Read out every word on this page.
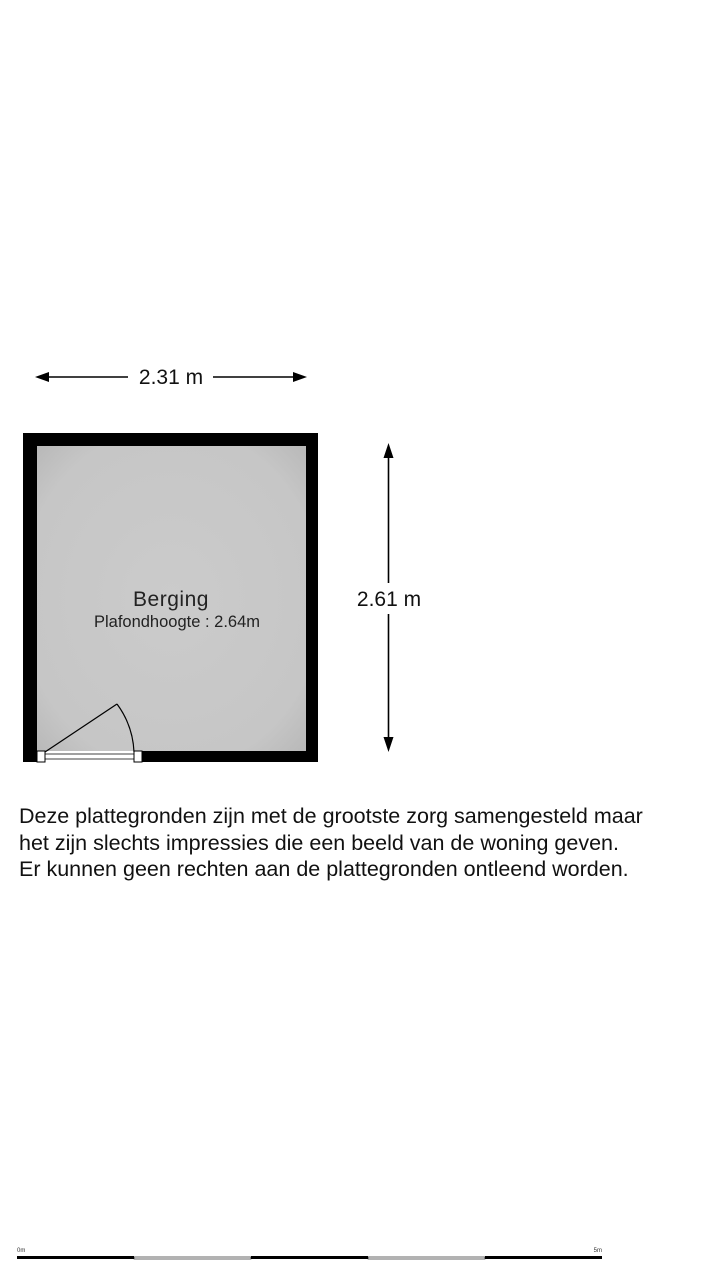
2.31 m
2.61 m
Berging
Plafondhoogte : 2.64m
0m	5m

Deze plattegronden zijn met de grootste zorg samengesteld maar
het zijn slechts impressies die een beeld van de woning geven.
Er kunnen geen rechten aan de plattegronden ontleend worden.
